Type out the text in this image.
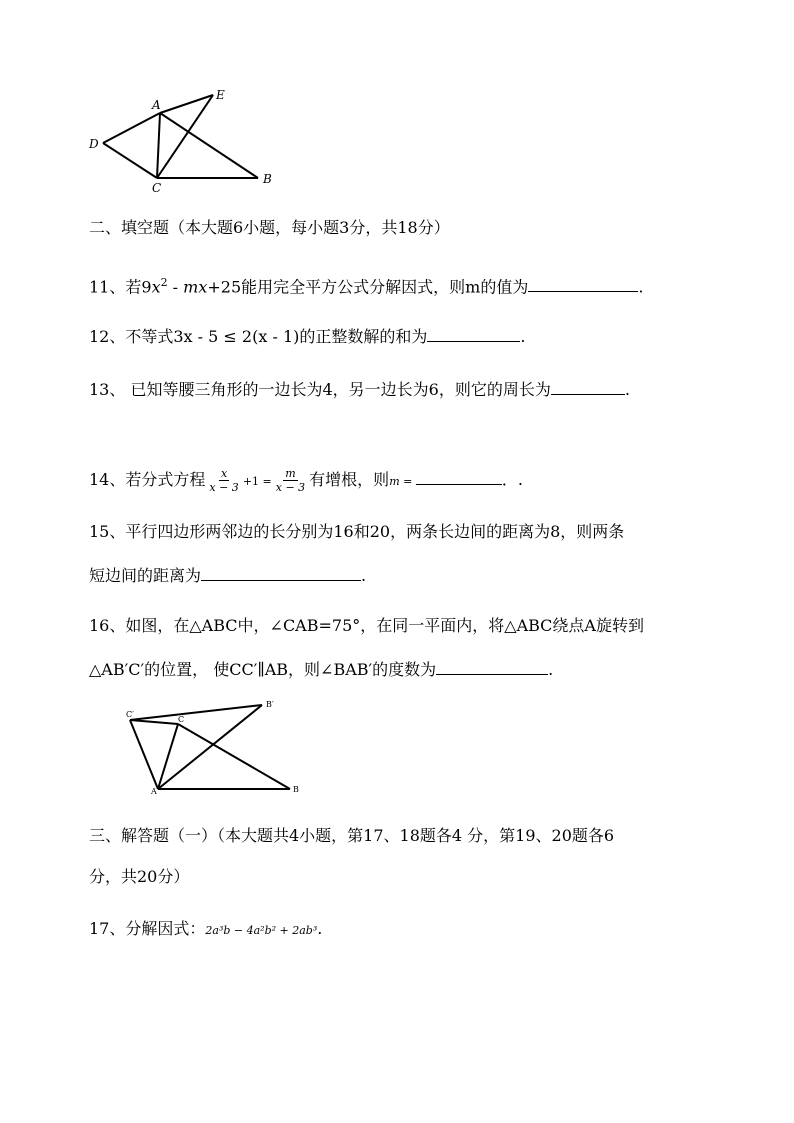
A
E
D
C
B
二、填空题（本大题6小题，每小题3分，共18分）
11、若$9x^2 - mx+25$能用完全平方公式分解因式，则m的值为	.
12、不等式3x - 5 ≤ 2(x - 1)的正整数解的和为	.
13、 已知等腰三角形的一边长为4，另一边长为6，则它的周长为	.
14、若分式方程 $\frac{x}{x - 3} +1 = \frac{m}{x - 3}$ 有增根，则m =	．.
15、平行四边形两邻边的长分别为16和20，两条长边间的距离为8，则两条
短边间的距离为	.
16、如图，在△ABC中，∠CAB=75°，在同一平面内，将△ABC绕点A旋转到
△AB′C′的位置， 使CC′∥AB，则∠BAB′的度数为	.
C′
C
B′
A	B
三、解答题（一）（本大题共4小题，第17、18题各4 分，第19、20题各6
分，共20分）
17、分解因式：2a³b − 4a²b² + 2ab³.
